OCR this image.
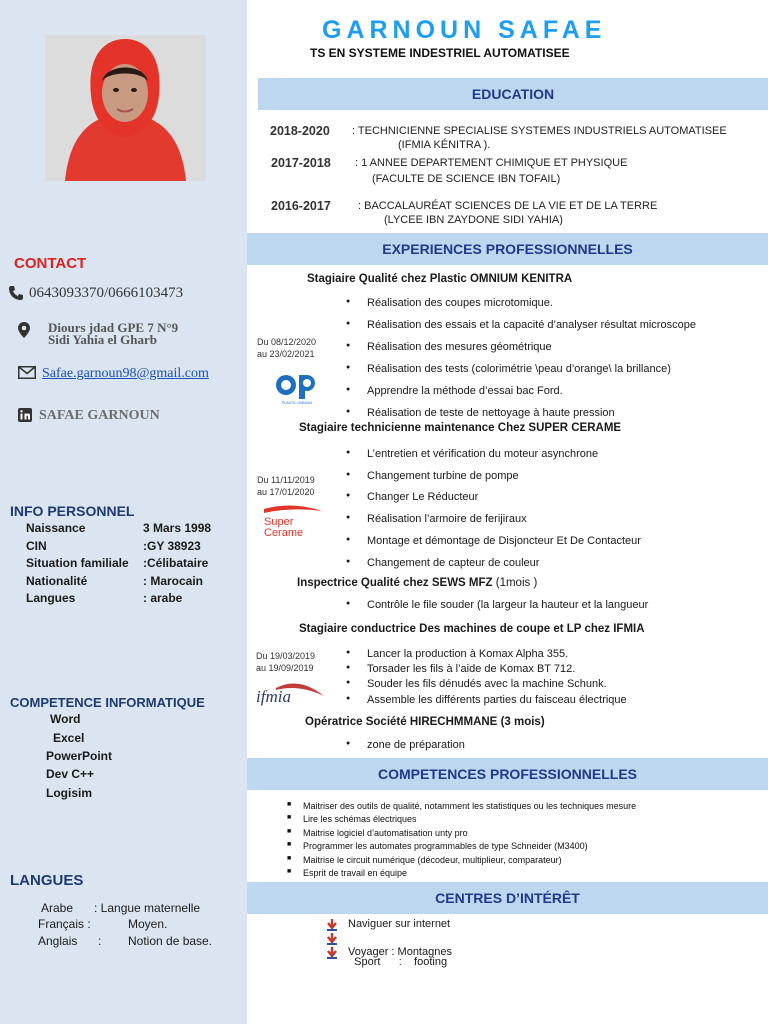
CONTACT
0643093370/0666103473
Diours jdad GPE 7 N°9
Sidi Yahia el Gharb
Safae.garnoun98@gmail.com
SAFAE GARNOUN
INFO PERSONNEL
Naissance	3 Mars 1998
CIN	:GY 38923
Situation familiale :Célibataire
Nationalité	: Marocain
Langues	: arabe
COMPETENCE INFORMATIQUE
Word
Excel
PowerPoint
Dev C++
Logisim
LANGUES
Arabe : Langue maternelle
Français :	Moyen.
Anglais :        Notion de base.
GARNOUN SAFAE
TS EN SYSTEME INDESTRIEL AUTOMATISEE
EDUCATION
2018-2020 : TECHNICIENNE SPECIALISE SYSTEMES INDUSTRIELS AUTOMATISEE
(IFMIA KÉNITRA ).
2017-2018 : 1 ANNEE DEPARTEMENT CHIMIQUE ET PHYSIQUE
(FACULTE DE SCIENCE IBN TOFAIL)
2016-2017 : BACCALAURÉAT SCIENCES DE LA VIE ET DE LA TERRE
(LYCEE IBN ZAYDONE SIDI YAHIA)
EXPERIENCES PROFESSIONNELLES
Stagiaire Qualité chez Plastic OMNIUM KENITRA
Du 08/12/2020
au 23/02/2021
PLASTIC OMNIUM
● Réalisation des coupes microtomique.
● Réalisation des essais et la capacité d’analyser résultat microscope
● Réalisation des mesures géométrique
● Réalisation des tests (colorimétrie \peau d’orange\ la brillance)
● Apprendre la méthode d’essai bac Ford.
● Réalisation de teste de nettoyage à haute pression
Stagiaire technicienne maintenance Chez SUPER CERAME
Du 11/11/2019
au 17/01/2020
Super
Cerame
● L’entretien et vérification du moteur asynchrone
● Changement turbine de pompe
● Changer Le Réducteur
● Réalisation l’armoire de ferijiraux
● Montage et démontage de Disjoncteur Et De Contacteur
● Changement de capteur de couleur
Inspectrice Qualité chez SEWS MFZ (1mois )
● Contrôle le file souder (la largeur la hauteur et la langueur
Stagiaire conductrice Des machines de coupe et LP chez IFMIA
Du 19/03/2019
au 19/09/2019
ifmia
● Lancer la production à Komax Alpha 355.
● Torsader les fils à l’aide de Komax BT 712.
● Souder les fils dénudés avec la machine Schunk.
● Assemble les différents parties du faisceau électrique
Opératrice Société HIRECHMMANE (3 mois)
● zone de préparation
COMPETENCES PROFESSIONNELLES
■ Maitriser des outils de qualité, notamment les statistiques ou les techniques mesure
■ Lire les schémas électriques
■ Maitrise logiciel d’automatisation unty pro
■ Programmer les automates programmables de type Schneider (M3400)
■ Maitrise le circuit numérique (décodeur, multiplieur, comparateur)
■ Esprit de travail en équipe
CENTRES D’INTÉRÊT
Naviguer sur internet

Sport      :    footing

Voyager : Montagnes
